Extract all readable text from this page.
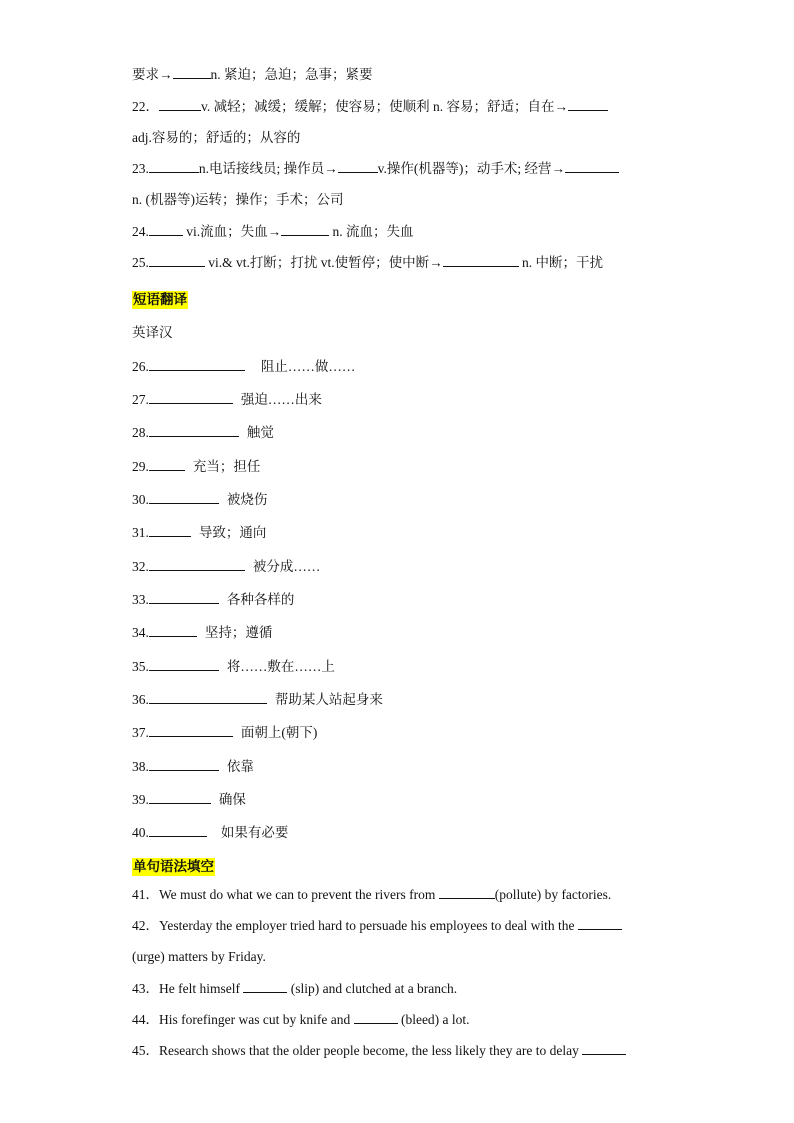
要求→	n. 紧迫；急迫；急事；紧要
22．	v. 减轻；减缓；缓解；使容易；使顺利 n. 容易；舒适；自在→
adj.容易的；舒适的；从容的
23.	n.电话接线员; 操作员→	v.操作(机器等)；动手术; 经营→
n. (机器等)运转；操作；手术；公司
24.	vi.流血；失血→	n. 流血；失血
25.	vi.& vt.打断；打扰 vt.使暂停；使中断→	n. 中断；干扰
短语翻译
英译汉
26.	阻止……做……
27.	强迫……出来
28.	触觉
29.	充当；担任
30.	被烧伤
31.	导致；通向
32.	被分成……
33.	各种各样的
34.	坚持；遵循
35.	将……敷在……上
36.	帮助某人站起身来
37.	面朝上(朝下)
38.	依靠
39.	确保
40.	如果有必要
单句语法填空
41．We must do what we can to prevent the rivers from	(pollute) by factories.
42．Yesterday the employer tried hard to persuade his employees to deal with the
(urge) matters by Friday.
43．He felt himself	(slip) and clutched at a branch.
44．His forefinger was cut by knife and	(bleed) a lot.
45．Research shows that the older people become, the less likely they are to delay
